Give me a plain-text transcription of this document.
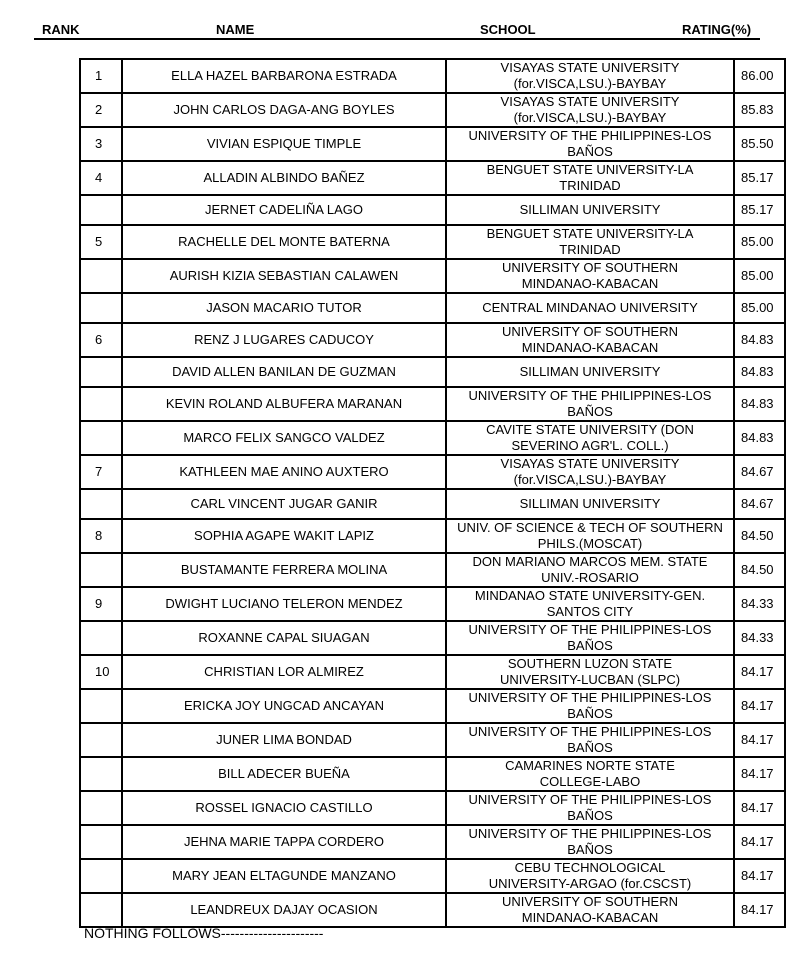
RANK	NAME	SCHOOL	RATING(%)
1	ELLA HAZEL BARBARONA ESTRADA	VISAYAS STATE UNIVERSITY
(for.VISCA,LSU.)-BAYBAY	86.00
2	JOHN CARLOS DAGA-ANG BOYLES	VISAYAS STATE UNIVERSITY
(for.VISCA,LSU.)-BAYBAY	85.83
3	VIVIAN ESPIQUE TIMPLE	UNIVERSITY OF THE PHILIPPINES-LOS
BAÑOS	85.50
4	ALLADIN ALBINDO BAÑEZ	BENGUET STATE UNIVERSITY-LA
TRINIDAD	85.17
	JERNET CADELIÑA LAGO	SILLIMAN UNIVERSITY	85.17
5	RACHELLE DEL MONTE BATERNA	BENGUET STATE UNIVERSITY-LA
TRINIDAD	85.00
	AURISH KIZIA SEBASTIAN CALAWEN	UNIVERSITY OF SOUTHERN
MINDANAO-KABACAN	85.00
	JASON MACARIO TUTOR	CENTRAL MINDANAO UNIVERSITY	85.00
6	RENZ J LUGARES CADUCOY	UNIVERSITY OF SOUTHERN
MINDANAO-KABACAN	84.83
	DAVID ALLEN BANILAN DE GUZMAN	SILLIMAN UNIVERSITY	84.83
	KEVIN ROLAND ALBUFERA MARANAN	UNIVERSITY OF THE PHILIPPINES-LOS
BAÑOS	84.83
	MARCO FELIX SANGCO VALDEZ	CAVITE STATE UNIVERSITY (DON
SEVERINO AGR'L. COLL.)	84.83
7	KATHLEEN MAE ANINO AUXTERO	VISAYAS STATE UNIVERSITY
(for.VISCA,LSU.)-BAYBAY	84.67
	CARL VINCENT JUGAR GANIR	SILLIMAN UNIVERSITY	84.67
8	SOPHIA AGAPE WAKIT LAPIZ	UNIV. OF SCIENCE & TECH OF SOUTHERN
PHILS.(MOSCAT)	84.50
	BUSTAMANTE FERRERA MOLINA	DON MARIANO MARCOS MEM. STATE
UNIV.-ROSARIO	84.50
9	DWIGHT LUCIANO TELERON MENDEZ	MINDANAO STATE UNIVERSITY-GEN.
SANTOS CITY	84.33
	ROXANNE CAPAL SIUAGAN	UNIVERSITY OF THE PHILIPPINES-LOS
BAÑOS	84.33
10	CHRISTIAN LOR ALMIREZ	SOUTHERN LUZON STATE
UNIVERSITY-LUCBAN (SLPC)	84.17
	ERICKA JOY UNGCAD ANCAYAN	UNIVERSITY OF THE PHILIPPINES-LOS
BAÑOS	84.17
	JUNER LIMA BONDAD	UNIVERSITY OF THE PHILIPPINES-LOS
BAÑOS	84.17
	BILL ADECER BUEÑA	CAMARINES NORTE STATE
COLLEGE-LABO	84.17
	ROSSEL IGNACIO CASTILLO	UNIVERSITY OF THE PHILIPPINES-LOS
BAÑOS	84.17
	JEHNA MARIE TAPPA CORDERO	UNIVERSITY OF THE PHILIPPINES-LOS
BAÑOS	84.17
	MARY JEAN ELTAGUNDE MANZANO	CEBU TECHNOLOGICAL
UNIVERSITY-ARGAO (for.CSCST)	84.17
	LEANDREUX DAJAY OCASION	UNIVERSITY OF SOUTHERN
MINDANAO-KABACAN	84.17
NOTHING FOLLOWS----------------------
